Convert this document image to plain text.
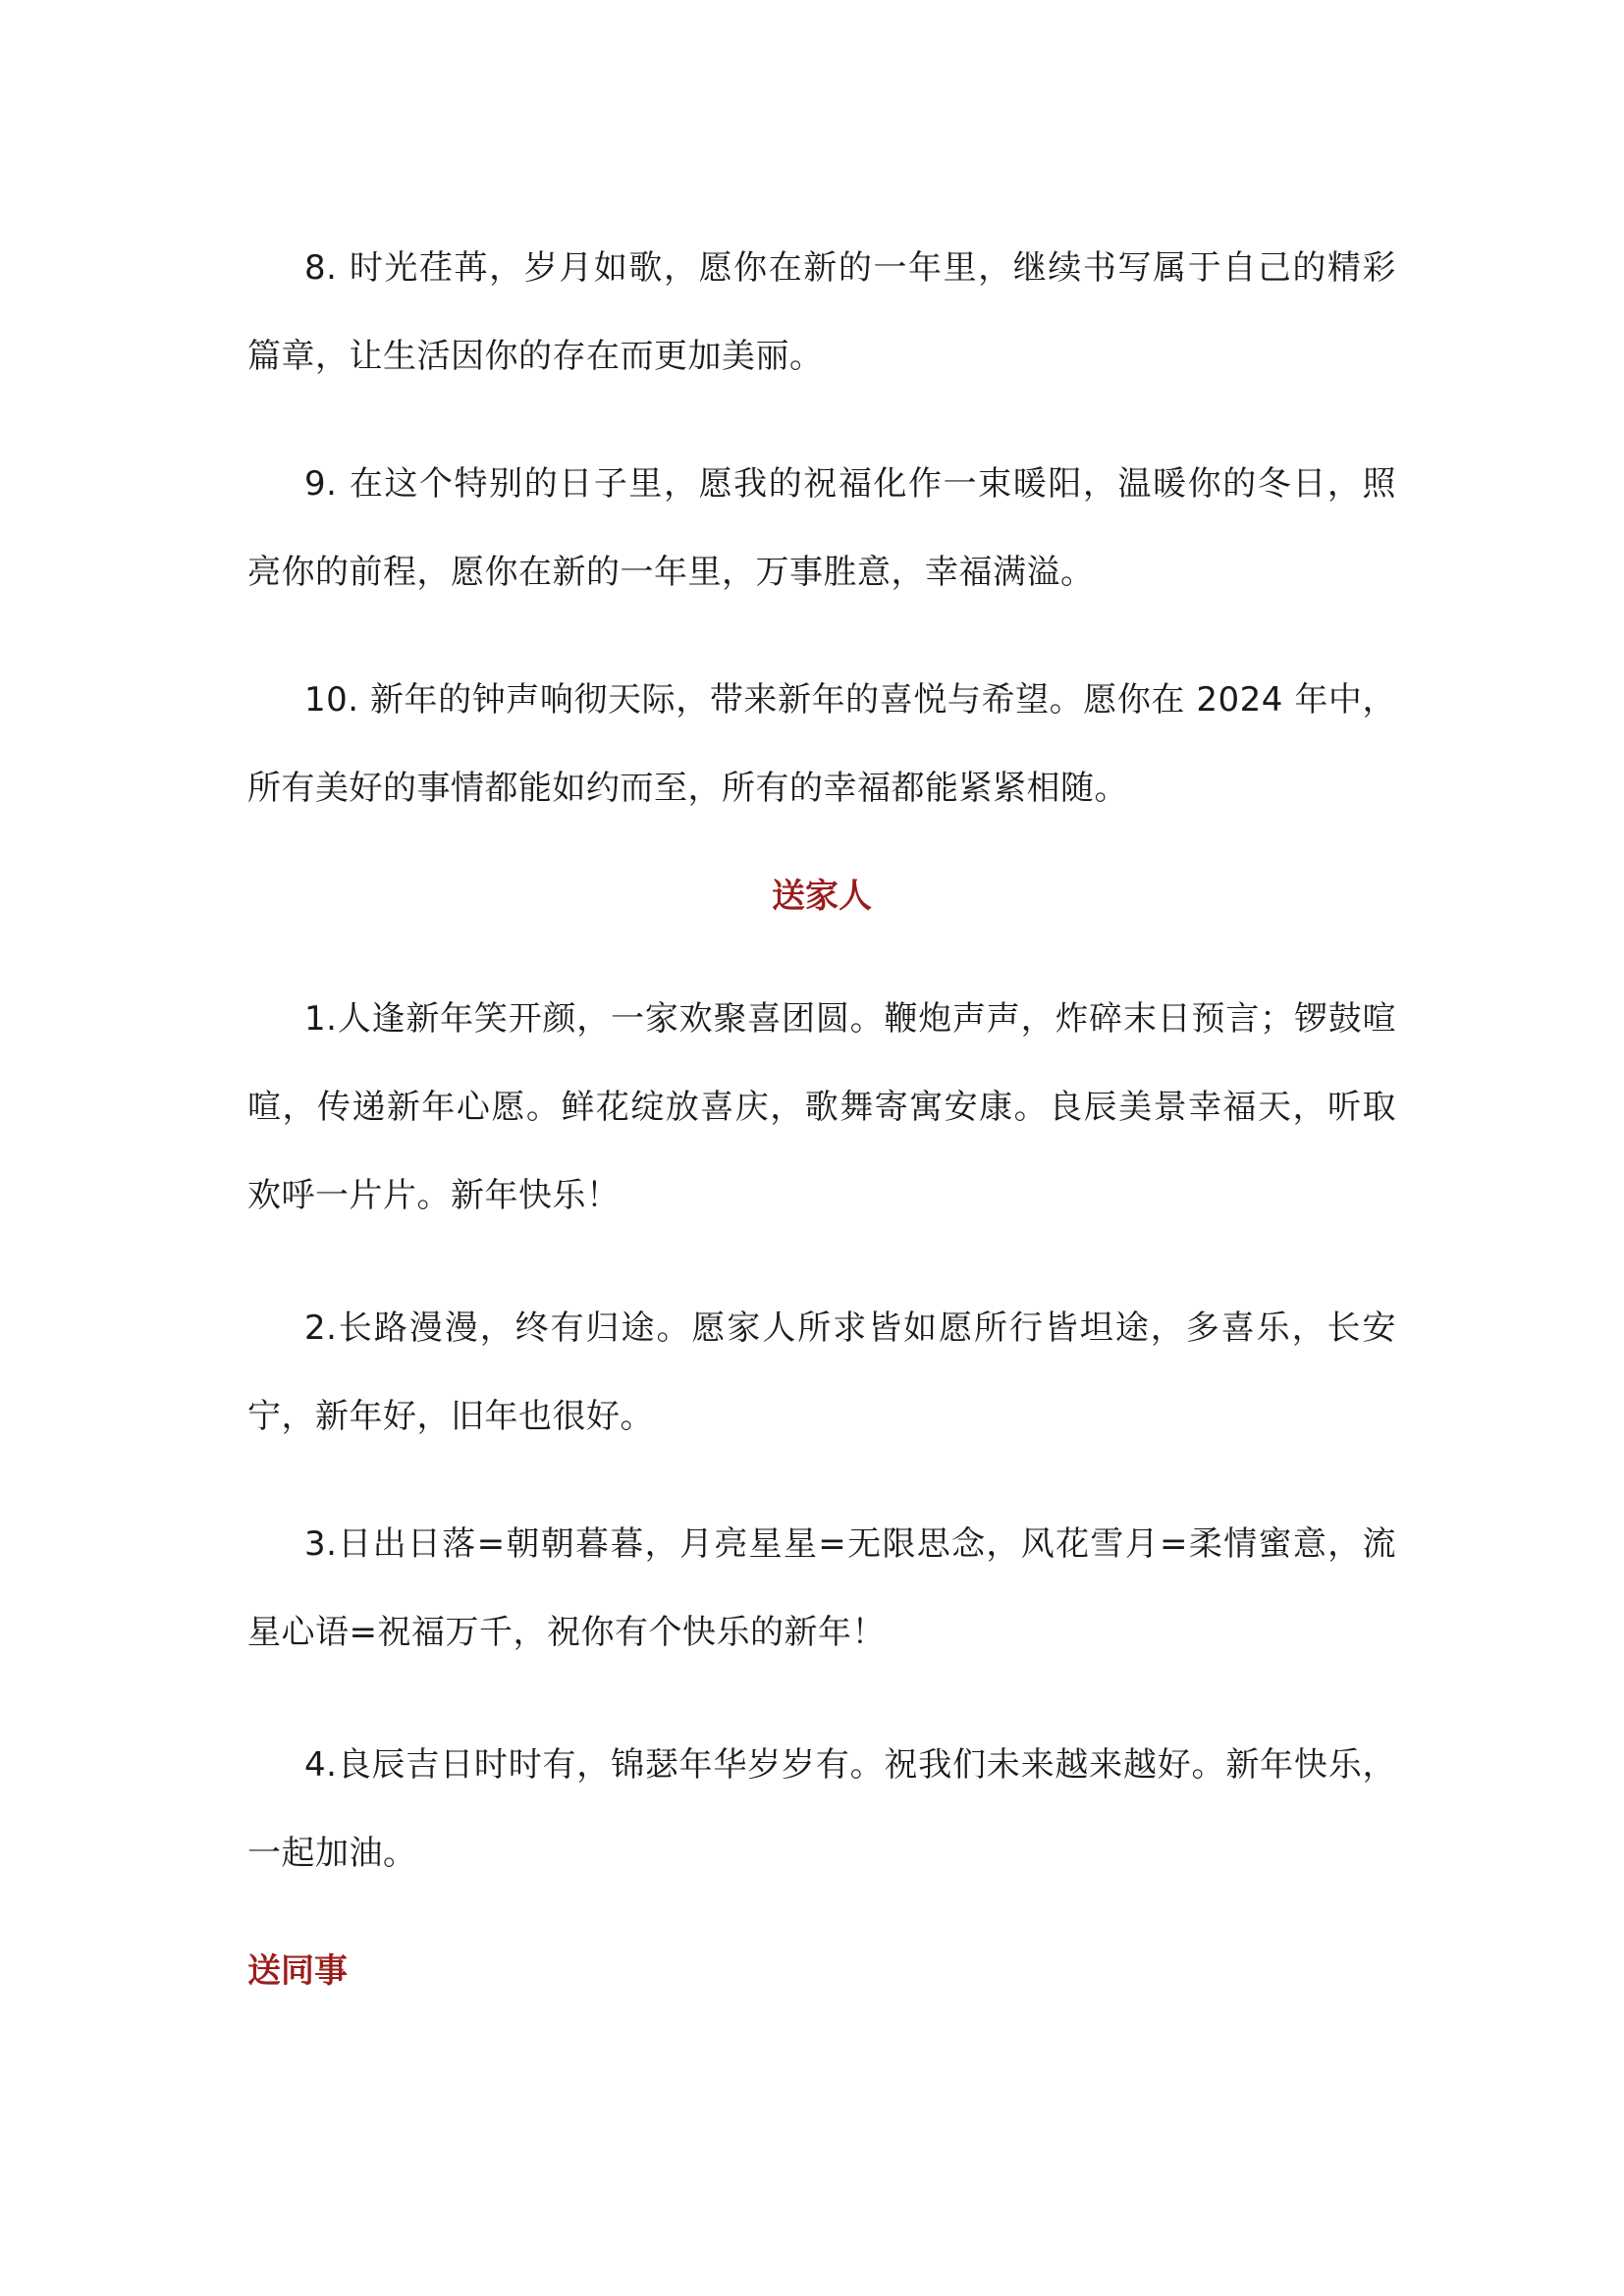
8. 时光荏苒，岁月如歌，愿你在新的一年里，继续书写属于自己的精彩篇章，让生活因你的存在而更加美丽。

9. 在这个特别的日子里，愿我的祝福化作一束暖阳，温暖你的冬日，照亮你的前程，愿你在新的一年里，万事胜意，幸福满溢。

10. 新年的钟声响彻天际，带来新年的喜悦与希望。愿你在 2024 年中，所有美好的事情都能如约而至，所有的幸福都能紧紧相随。

送家人

1.人逢新年笑开颜，一家欢聚喜团圆。鞭炮声声，炸碎末日预言；锣鼓喧喧，传递新年心愿。鲜花绽放喜庆，歌舞寄寓安康。良辰美景幸福天，听取欢呼一片片。新年快乐！

2.长路漫漫，终有归途。愿家人所求皆如愿所行皆坦途，多喜乐，长安宁，新年好，旧年也很好。

3.日出日落=朝朝暮暮，月亮星星=无限思念，风花雪月=柔情蜜意，流星心语=祝福万千，祝你有个快乐的新年！

4.良辰吉日时时有，锦瑟年华岁岁有。祝我们未来越来越好。新年快乐，一起加油。

送同事
